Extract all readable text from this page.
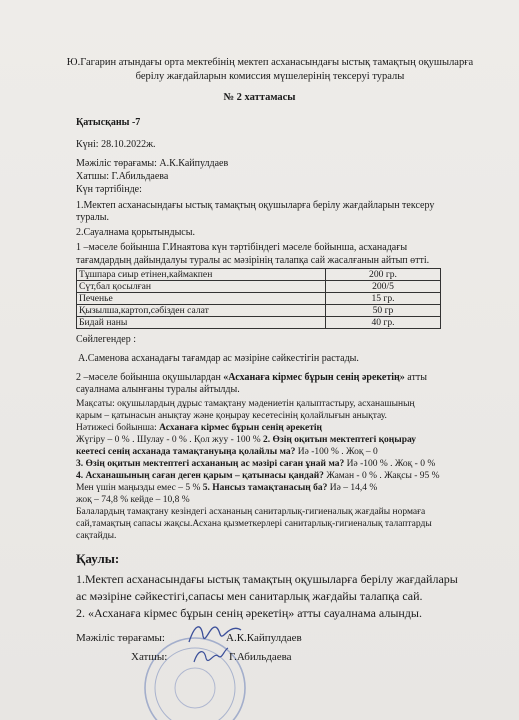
Ю.Гагарин атындағы орта мектебінің мектеп асханасындағы ыстық тамақтың оқушыларға берілу жағдайларын комиссия мүшелерінің тексеруі туралы
№ 2 хаттамасы
Қатысқаны -7
Күні: 28.10.2022ж.
Мәжіліс төрағамы: А.К.Кайпулдаев
Хатшы: Г.Абильдаева
Күн тәртібінде:
1.Мектеп асханасындағы ыстық тамақтың оқушыларға берілу жағдайларын тексеру
туралы.
2.Сауалнама қорытындысы.
1 –мәселе бойынша Г.Инаятова күн тәртібіндегі мәселе бойынша, асханадағы
тағамдардың дайындалуы туралы ас мәзірінің талапқа сай жасалғанын айтып өтті.
Тұшпара сиыр етінен,каймакпен	200 гр.
Сүт,бал қосылған	200/5
Печенье	15 гр.
Қызылша,картоп,сәбізден салат	50 гр
Бидай наны	40 гр.
Сөйлегендер :
А.Саменова асханадағы тағамдар ас мәзіріне сәйкестігін растады.
2 –мәселе бойынша оқушылардан «Асханаға кірмес бұрын сенің әрекетің» атты
сауалнама алынғаны туралы айтылды.
Мақсаты: оқушылардың дұрыс тамақтану мәдениетін қалыптастыру, асханашының
қарым – қатынасын анықтау және қоңырау кесетесінің қолайлығын анықтау.
Нәтижесі бойынша: Асханаға кірмес бұрын сенің әрекетің
Жүгіру – 0 % . Шулау - 0 % . Қол жуу - 100 % 2. Өзің оқитын мектептегі қоңырау
кеетесі сенің асханада тамақтануыңа қолайлы ма? Иә -100 % . Жоқ – 0
3. Өзің оқитын мектептегі асхананың ас мәзірі саған ұнай ма? Иә -100 % . Жоқ - 0 %
4. Асханашының саған деген қарым – қатынасы қандай? Жаман - 0 % . Жақсы - 95 %
Мен үшін маңызды емес – 5 % 5. Нансыз тамақтанасың ба? Иә – 14,4 %
жоқ – 74,8 % кейде – 10,8 %
Балалардың тамақтану кезіндегі асхананың санитарлық-гигиеналық жағдайы нормаға
сай,тамақтың сапасы жақсы.Асхана қызметкерлері санитарлық-гигиеналық талаптарды
сақтайды.
Қаулы:
1.Мектеп асханасындағы ыстық тамақтың оқушыларға берілу жағдайлары
ас мәзіріне сәйкестігі,сапасы мен санитарлық жағдайы талапқа сай.
2. «Асханаға кірмес бұрын сенің әрекетің» атты сауалнама алынды.
Мәжіліс төрағамы:	А.К.Кайпулдаев
Хатшы:	Г.Абильдаева
